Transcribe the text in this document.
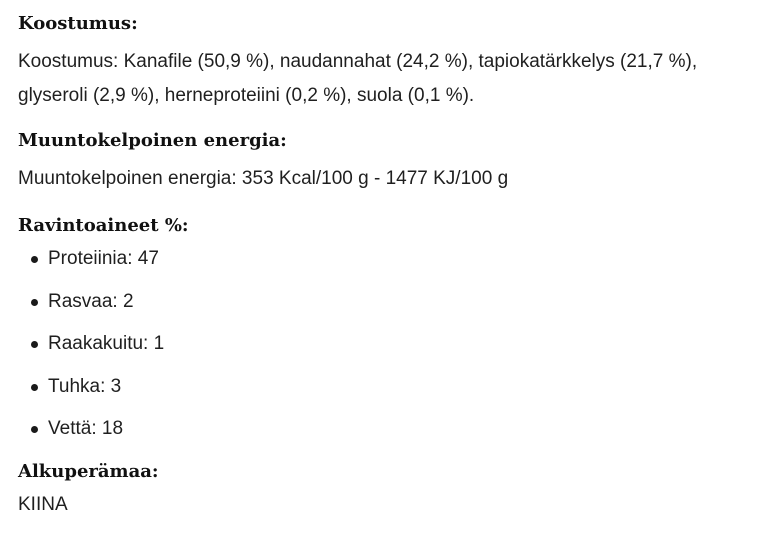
Koostumus:

Koostumus: Kanafile (50,9 %), naudannahat (24,2 %), tapiokatärkkelys (21,7 %), glyseroli (2,9 %), herneproteiini (0,2 %), suola (0,1 %).

Muuntokelpoinen energia:

Muuntokelpoinen energia: 353 Kcal/100 g - 1477 KJ/100 g

Ravintoaineet %:
Proteiinia: 47
Rasvaa: 2
Raakakuitu: 1
Tuhka: 3
Vettä: 18
Alkuperämaa:

KIINA
